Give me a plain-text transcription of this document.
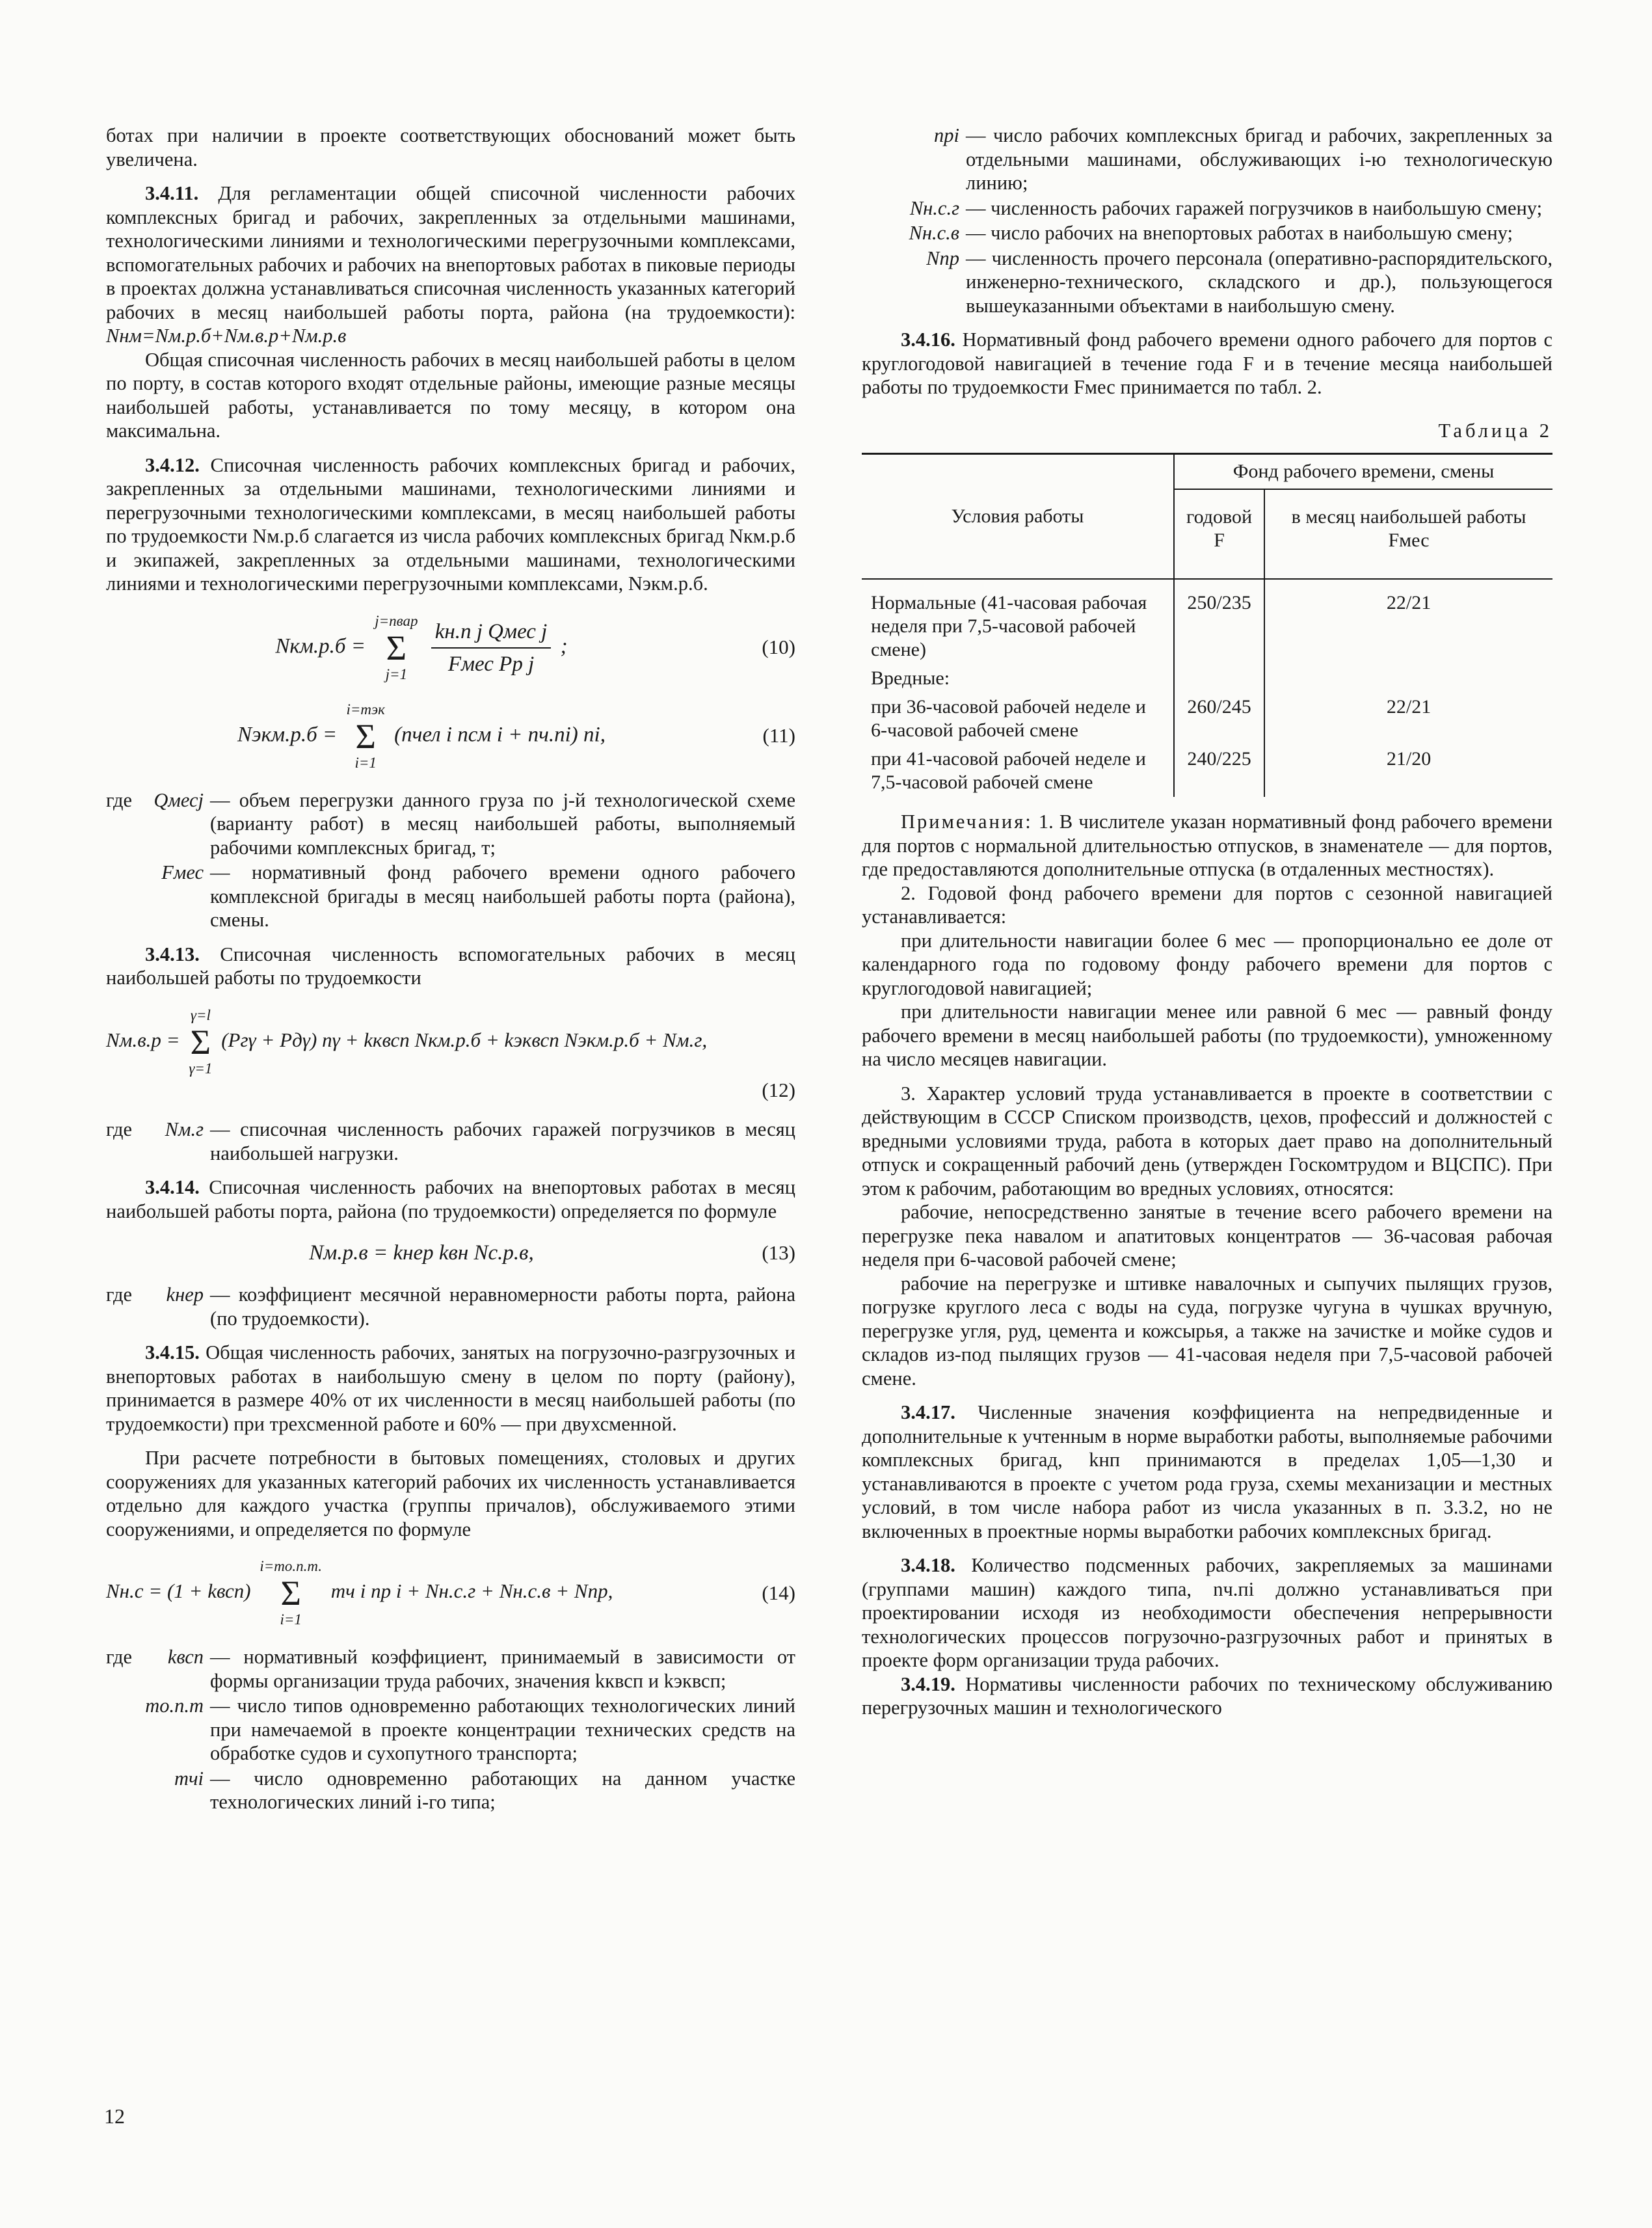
ботах при наличии в проекте соответствующих обоснований может быть увеличена.

3.4.11. Для регламентации общей списочной численности рабочих комплексных бригад и рабочих, закрепленных за отдельными машинами, технологическими линиями и технологическими перегрузочными комплексами, вспомогательных рабочих и рабочих на внепортовых работах в пиковые периоды в проектах должна устанавливаться списочная численность указанных категорий рабочих в месяц наибольшей работы порта, района (на трудоемкости): Nнм=Nм.р.б+Nм.в.р+Nм.р.в

Общая списочная численность рабочих в месяц наибольшей работы в целом по порту, в состав которого входят отдельные районы, имеющие разные месяцы наибольшей работы, устанавливается по тому месяцу, в котором она максимальна.

3.4.12. Списочная численность рабочих комплексных бригад и рабочих, закрепленных за отдельными машинами, технологическими линиями и перегрузочными технологическими комплексами, в месяц наибольшей работы по трудоемкости Nм.р.б слагается из числа рабочих комплексных бригад Nкм.р.б и экипажей, закрепленных за отдельными машинами, технологическими линиями и технологическими перегрузочными комплексами, Nэкм.р.б.

Nкм.р.б =
j=nвар
Σ
j=1
$\frac{\text{kн.п j Qмес j}}{\text{Fмес Pр j}}$ ;	(10)
Nэкм.р.б =
i=mэк
Σ
i=1
(nчел i nсм i + nч.пi) ni,	(11)
где Qмесj — объем перегрузки данного груза по j-й технологической схеме (варианту работ) в месяц наибольшей работы, выполняемый рабочими комплексных бригад, т;
Fмес — нормативный фонд рабочего времени одного рабочего комплексной бригады в месяц наибольшей работы порта (района), смены.

3.4.13. Списочная численность вспомогательных рабочих в месяц наибольшей работы по трудоемкости

Nм.в.р =
γ=l
Σ
γ=1
(Pгγ + Pдγ) nγ + kквсп Nкм.р.б + kэквсп Nэкм.р.б + Nм.г,
(12)
где Nм.г — списочная численность рабочих гаражей погрузчиков в месяц наибольшей нагрузки.

3.4.14. Списочная численность рабочих на внепортовых работах в месяц наибольшей работы порта, района (по трудоемкости) определяется по формуле

Nм.р.в = kнер kвн Nс.р.в,	(13)
где kнер — коэффициент месячной неравномерности работы порта, района (по трудоемкости).

3.4.15. Общая численность рабочих, занятых на погрузочно-разгрузочных и внепортовых работах в наибольшую смену в целом по порту (району), принимается в размере 40% от их численности в месяц наибольшей работы (по трудоемкости) при трехсменной работе и 60% — при двухсменной.

При расчете потребности в бытовых помещениях, столовых и других сооружениях для указанных категорий рабочих их численность устанавливается отдельно для каждого участка (группы причалов), обслуживаемого этими сооружениями, и определяется по формуле

Nн.с = (1 + kвсп)
i=mо.п.т.
Σ
i=1
mч i np i + Nн.с.г + Nн.с.в + Nпр,	(14)
где kвсп — нормативный коэффициент, принимаемый в зависимости от формы организации труда рабочих, значения kквсп и kэквсп;
mо.п.т — число типов одновременно работающих технологических линий при намечаемой в проекте концентрации технических средств на обработке судов и сухопутного транспорта;
mчi — число одновременно работающих на данном участке технологических линий i-го типа;
npi — число рабочих комплексных бригад и рабочих, закрепленных за отдельными машинами, обслуживающих i-ю технологическую линию;
Nн.с.г — численность рабочих гаражей погрузчиков в наибольшую смену;
Nн.с.в — число рабочих на внепортовых работах в наибольшую смену;
Nпр — численность прочего персонала (оперативно-распорядительского, инженерно-технического, складского и др.), пользующегося вышеуказанными объектами в наибольшую смену.

3.4.16. Нормативный фонд рабочего времени одного рабочего для портов с круглогодовой навигацией в течение года F и в течение месяца наибольшей работы по трудоемкости Fмес принимается по табл. 2.

Таблица 2
Условия работы	Фонд рабочего времени, смены	
	годовой F	в месяц наибольшей работы Fмес
Нормальные (41-часовая рабочая неделя при 7,5-часовой рабочей смене)	250/235	22/21
Вредные:		
при 36-часовой рабочей неделе и 6-часовой рабочей смене	260/245	22/21
при 41-часовой рабочей неделе и 7,5-часовой рабочей смене	240/225	21/20

Примечания: 1. В числителе указан нормативный фонд рабочего времени для портов с нормальной длительностью отпусков, в знаменателе — для портов, где предоставляются дополнительные отпуска (в отдаленных местностях).

2. Годовой фонд рабочего времени для портов с сезонной навигацией устанавливается:

при длительности навигации более 6 мес — пропорционально ее доле от календарного года по годовому фонду рабочего времени для портов с круглогодовой навигацией;

при длительности навигации менее или равной 6 мес — равный фонду рабочего времени в месяц наибольшей работы (по трудоемкости), умноженному на число месяцев навигации.

3. Характер условий труда устанавливается в проекте в соответствии с действующим в СССР Списком производств, цехов, профессий и должностей с вредными условиями труда, работа в которых дает право на дополнительный отпуск и сокращенный рабочий день (утвержден Госкомтрудом и ВЦСПС). При этом к рабочим, работающим во вредных условиях, относятся:

рабочие, непосредственно занятые в течение всего рабочего времени на перегрузке пека навалом и апатитовых концентратов — 36-часовая рабочая неделя при 6-часовой рабочей смене;

рабочие на перегрузке и штивке навалочных и сыпучих пылящих грузов, погрузке круглого леса с воды на суда, погрузке чугуна в чушках вручную, перегрузке угля, руд, цемента и кожсырья, а также на зачистке и мойке судов и складов из-под пылящих грузов — 41-часовая неделя при 7,5-часовой рабочей смене.

3.4.17. Численные значения коэффициента на непредвиденные и дополнительные к учтенным в норме выработки работы, выполняемые рабочими комплексных бригад, kнп принимаются в пределах 1,05—1,30 и устанавливаются в проекте с учетом рода груза, схемы механизации и местных условий, в том числе набора работ из числа указанных в п. 3.3.2, но не включенных в проектные нормы выработки рабочих комплексных бригад.

3.4.18. Количество подсменных рабочих, закрепляемых за машинами (группами машин) каждого типа, nч.пi должно устанавливаться при проектировании исходя из необходимости обеспечения непрерывности технологических процессов погрузочно-разгрузочных работ и принятых в проекте форм организации труда рабочих.

3.4.19. Нормативы численности рабочих по техническому обслуживанию перегрузочных машин и технологического

12
